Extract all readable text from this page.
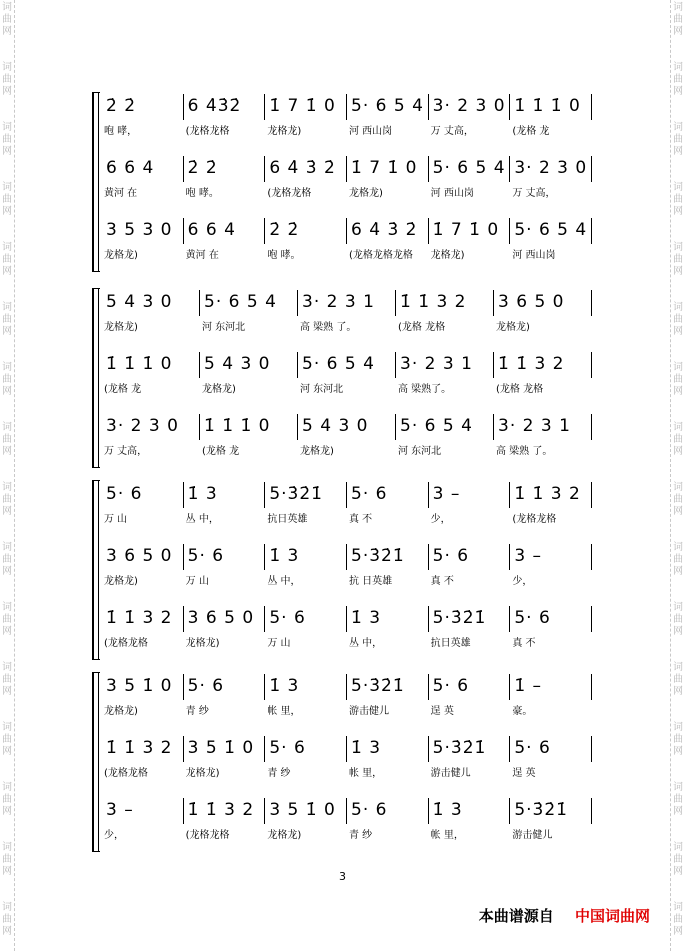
词
曲
网
词
曲
网
词
曲
网
词
曲
网
词
曲
网
词
曲
网
词
曲
网
词
曲
网
词
曲
网
词
曲
网
词
曲
网
词
曲
网
词
曲
网
词
曲
网
词
曲
网
词
曲
网
词
曲
网
词
曲
网
词
曲
网
词
曲
网
词
曲
网
词
曲
网
词
曲
网
词
曲
网
词
曲
网
词
曲
网
词
曲
网
词
曲
网
词
曲
网
词
曲
网
词
曲
网
词
曲
网
2̇ 2̇
咆 哮，
6 4̇3̇2̇
(龙格龙格
1̇ 7 1̇ 0
龙格龙)
5· 6 5 4
河 西山岗
3· 2 3 0
万 丈高，
1̇ 1̇ 1̇ 0
(龙格 龙
6 6 4
黄河 在
2̇ 2̇
咆 哮。
6 4̇ 3̇ 2̇
(龙格龙格
1̇ 7 1̇ 0
龙格龙)
5· 6 5 4
河 西山岗
3· 2 3 0
万 丈高，
3 5 3 0
龙格龙)
6 6 4
黄河 在
2̇ 2̇
咆 哮。
6 4̇ 3̇ 2̇
(龙格龙格龙格
1̇ 7 1̇ 0
龙格龙)
5· 6 5 4
河 西山岗
5 4 3 0
龙格龙)
5· 6 5 4
河 东河北
3· 2 3 1
高 梁熟 了。
1̇ 1̇ 3 2
(龙格 龙格
3 6 5 0
龙格龙)
1̇ 1̇ 1̇ 0
(龙格 龙
5 4 3 0
龙格龙)
5· 6 5 4
河 东河北
3· 2 3 1
高 梁熟了。
1̇ 1̇ 3 2
(龙格 龙格
3· 2 3 0
万 丈高，
1̇ 1̇ 1̇ 0
(龙格 龙
5 4 3 0
龙格龙)
5· 6 5 4
河 东河北
3· 2 3 1
高 梁熟 了。
5· 6
万 山
1̇ 3
丛 中，
5·3̇2̇1̇
抗日英雄
5· 6
真 不
3 –
少，
1̇ 1̇ 3 2
(龙格龙格
3 6 5 0
龙格龙)
5· 6
万 山
1̇ 3
丛 中，
5·3̇2̇1̇
抗 日英雄
5· 6
真 不
3 –
少，
1̇ 1̇ 3 2
(龙格龙格
3 6 5 0
龙格龙)
5· 6
万 山
1̇ 3
丛 中，
5·3̇2̇1̇
抗日英雄
5· 6
真 不
3 5 1̇ 0
龙格龙)
5· 6
青 纱
1̇ 3
帐 里，
5·3̇2̇1̇
游击健儿
5· 6
逞 英
1̇ –
豪。
1̇ 1̇ 3 2
(龙格龙格
3 5 1̇ 0
龙格龙)
5· 6
青 纱
1̇ 3
帐 里，
5·3̇2̇1̇
游击健儿
5· 6
逞 英
3 –
少，
1̇ 1̇ 3 2
(龙格龙格
3 5 1̇ 0
龙格龙)
5· 6
青 纱
1̇ 3
帐 里，
5·3̇2̇1̇
游击健儿
3
本曲谱源自 中国词曲网
